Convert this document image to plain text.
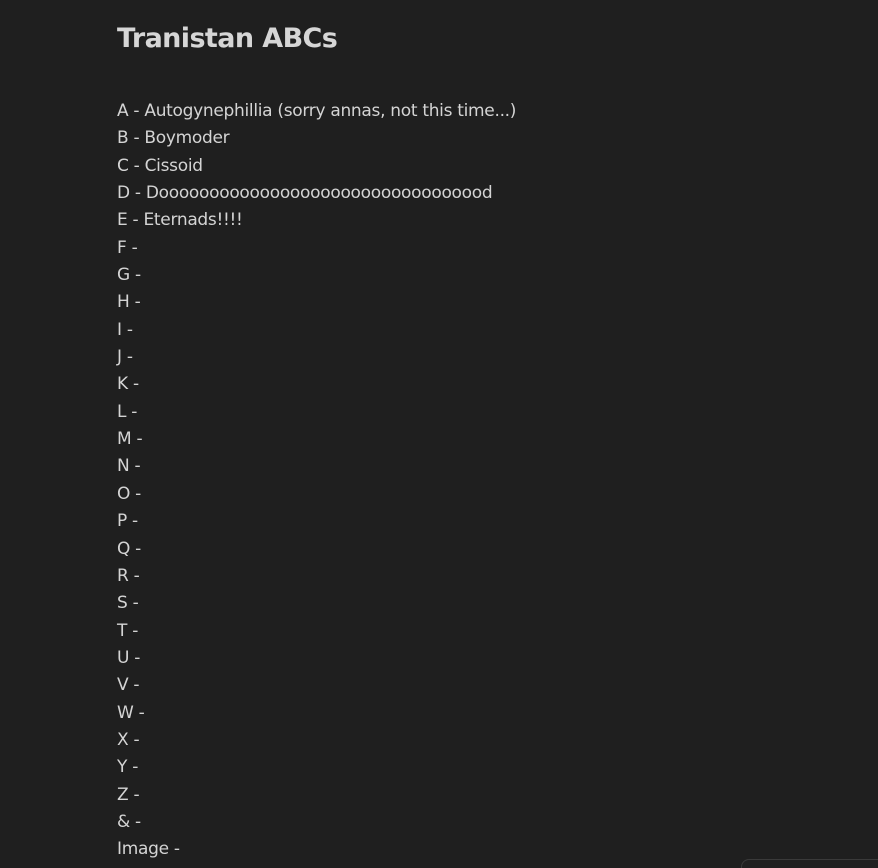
Tranistan ABCs
A - Autogynephillia (sorry annas, not this time...)
B - Boymoder
C - Cissoid
D - Dooooooooooooooooooooooooooooooood
E - Eternads!!!!
F -
G -
H -
I -
J -
K -
L -
M -
N -
O -
P -
Q -
R -
S -
T -
U -
V -
W -
X -
Y -
Z -
& -
Image -
